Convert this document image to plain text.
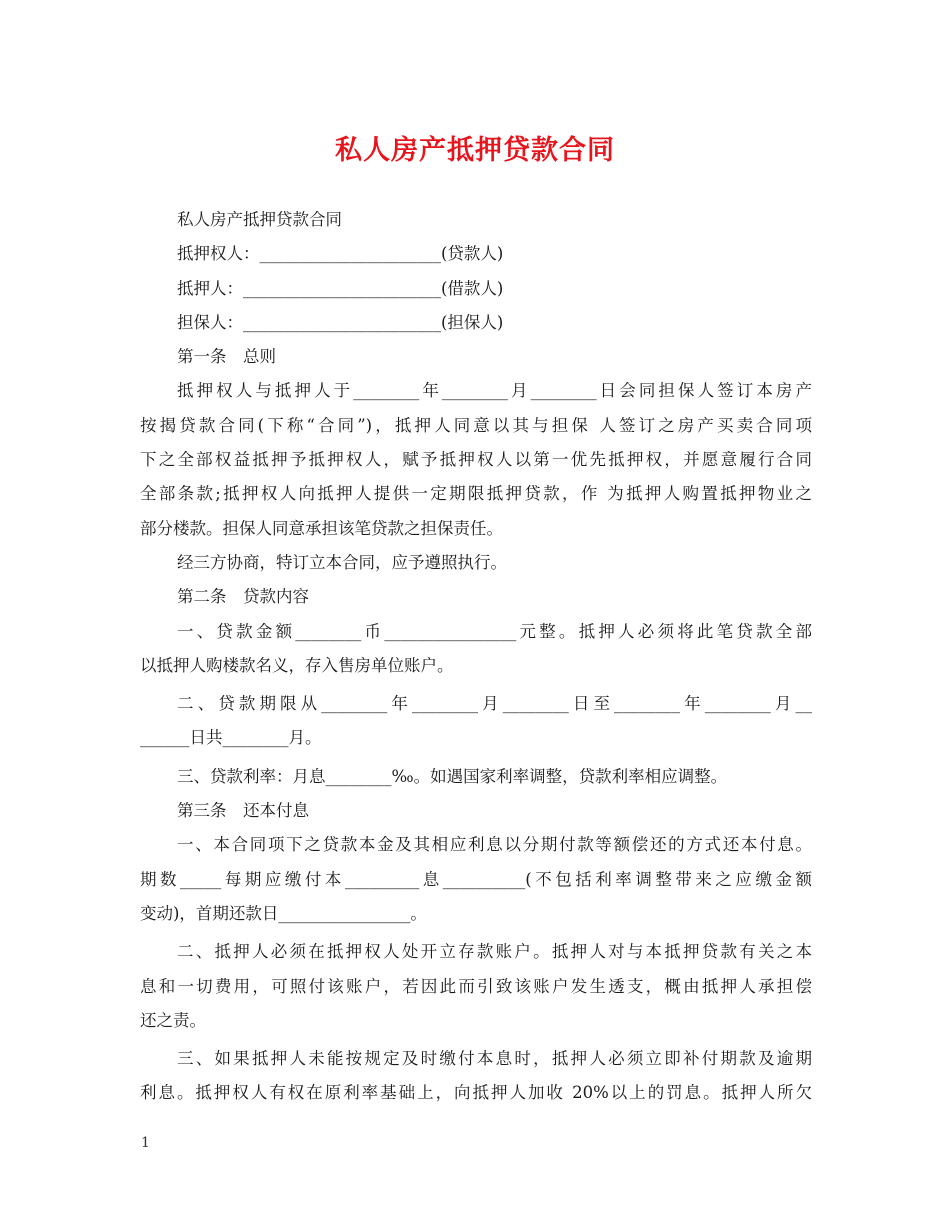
私人房产抵押贷款合同

私人房产抵押贷款合同

抵押权人：______________________(贷款人)

抵押人：________________________(借款人)

担保人：________________________(担保人)

第一条　总则

抵押权人与抵押人于________年________月________日会同担保人签订本房产

按揭贷款合同(下称“合同”)，抵押人同意以其与担保 人签订之房产买卖合同项

下之全部权益抵押予抵押权人，赋予抵押权人以第一优先抵押权，并愿意履行合同

全部条款;抵押权人向抵押人提供一定期限抵押贷款，作 为抵押人购置抵押物业之

部分楼款。担保人同意承担该笔贷款之担保责任。

经三方协商，特订立本合同，应予遵照执行。

第二条　贷款内容

一、贷款金额________币________________元整。抵押人必须将此笔贷款全部

以抵押人购楼款名义，存入售房单位账户。

二、贷款期限从________年________月________日至________年________月__

______日共________月。

三、贷款利率：月息________‰。如遇国家利率调整，贷款利率相应调整。

第三条　还本付息

一、本合同项下之贷款本金及其相应利息以分期付款等额偿还的方式还本付息。

期数_____每期应缴付本_________息__________(不包括利率调整带来之应缴金额

变动)，首期还款日________________。

二、抵押人必须在抵押权人处开立存款账户。抵押人对与本抵押贷款有关之本

息和一切费用，可照付该账户，若因此而引致该账户发生透支，概由抵押人承担偿

还之责。

三、如果抵押人未能按规定及时缴付本息时，抵押人必须立即补付期款及逾期

利息。抵押权人有权在原利率基础上，向抵押人加收 20%以上的罚息。抵押人所欠

1
